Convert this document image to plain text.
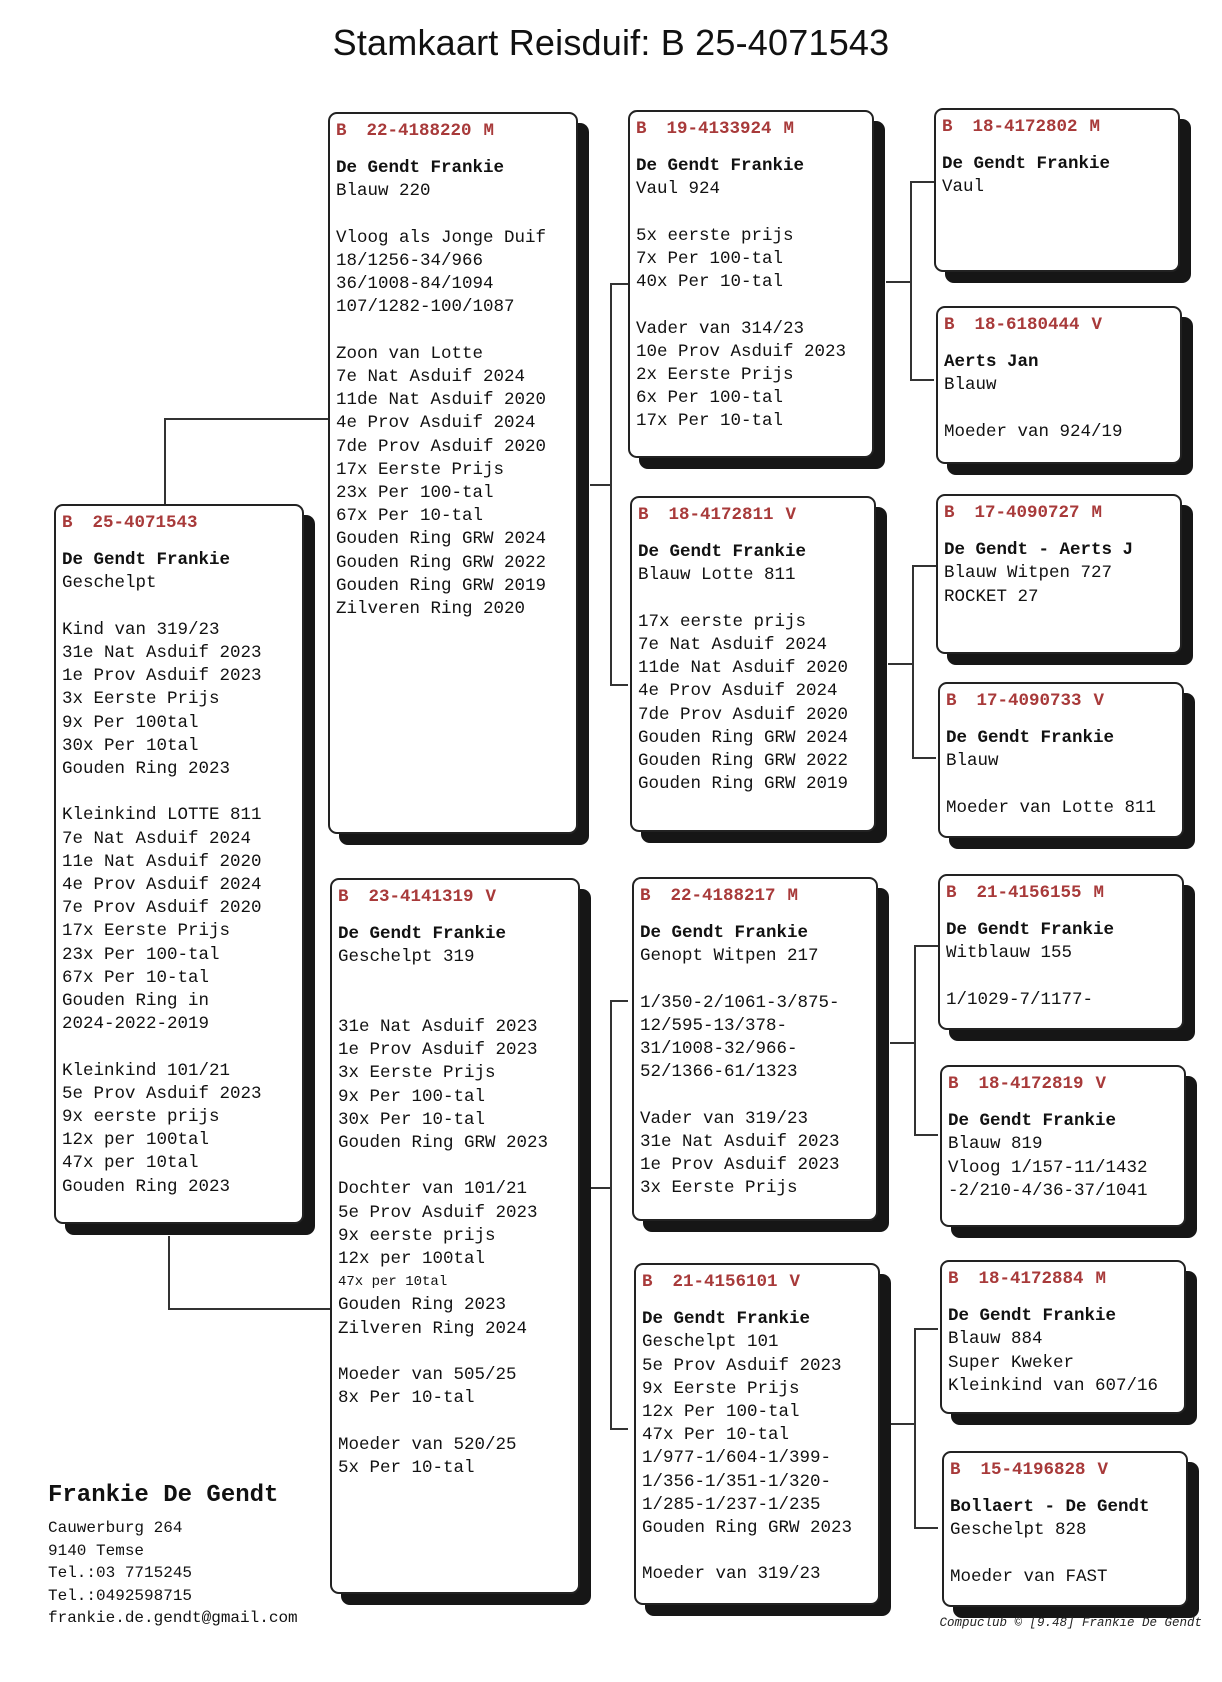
Stamkaart Reisduif: B 25-4071543
B 25-4071543
De Gendt Frankie
Geschelpt
Kind van 319/23
31e Nat Asduif 2023
1e Prov Asduif 2023
3x Eerste Prijs
9x Per 100tal
30x Per 10tal
Gouden Ring 2023
Kleinkind LOTTE 811
7e Nat Asduif 2024
11e Nat Asduif 2020
4e Prov Asduif 2024
7e Prov Asduif 2020
17x Eerste Prijs
23x Per 100-tal
67x Per 10-tal
Gouden Ring in
2024-2022-2019
Kleinkind 101/21
5e Prov Asduif 2023
9x eerste prijs
12x per 100tal
47x per 10tal
Gouden Ring 2023
B 22-4188220 M
De Gendt Frankie
Blauw 220
Vloog als Jonge Duif
18/1256-34/966
36/1008-84/1094
107/1282-100/1087
Zoon van Lotte
7e Nat Asduif 2024
11de Nat Asduif 2020
4e Prov Asduif 2024
7de Prov Asduif 2020
17x Eerste Prijs
23x Per 100-tal
67x Per 10-tal
Gouden Ring GRW 2024
Gouden Ring GRW 2022
Gouden Ring GRW 2019
Zilveren Ring 2020
B 23-4141319 V
De Gendt Frankie
Geschelpt 319
31e Nat Asduif 2023
1e Prov Asduif 2023
3x Eerste Prijs
9x Per 100-tal
30x Per 10-tal
Gouden Ring GRW 2023
Dochter van 101/21
5e Prov Asduif 2023
9x eerste prijs
12x per 100tal
47x per 10tal
Gouden Ring 2023
Zilveren Ring 2024
Moeder van 505/25
8x Per 10-tal
Moeder van 520/25
5x Per 10-tal
B 19-4133924 M
De Gendt Frankie
Vaul 924
5x eerste prijs
7x Per 100-tal
40x Per 10-tal
Vader van 314/23
10e Prov Asduif 2023
2x Eerste Prijs
6x Per 100-tal
17x Per 10-tal
B 18-4172811 V
De Gendt Frankie
Blauw Lotte 811
17x eerste prijs
7e Nat Asduif 2024
11de Nat Asduif 2020
4e Prov Asduif 2024
7de Prov Asduif 2020
Gouden Ring GRW 2024
Gouden Ring GRW 2022
Gouden Ring GRW 2019
B 22-4188217 M
De Gendt Frankie
Genopt Witpen 217
1/350-2/1061-3/875-
12/595-13/378-
31/1008-32/966-
52/1366-61/1323
Vader van 319/23
31e Nat Asduif 2023
1e Prov Asduif 2023
3x Eerste Prijs
B 21-4156101 V
De Gendt Frankie
Geschelpt 101
5e Prov Asduif 2023
9x Eerste Prijs
12x Per 100-tal
47x Per 10-tal
1/977-1/604-1/399-
1/356-1/351-1/320-
1/285-1/237-1/235
Gouden Ring GRW 2023
Moeder van 319/23
B 18-4172802 M
De Gendt Frankie
Vaul
B 18-6180444 V
Aerts Jan
Blauw
Moeder van 924/19
B 17-4090727 M
De Gendt - Aerts J
Blauw Witpen 727
ROCKET 27
B 17-4090733 V
De Gendt Frankie
Blauw
Moeder van Lotte 811
B 21-4156155 M
De Gendt Frankie
Witblauw 155
1/1029-7/1177-
B 18-4172819 V
De Gendt Frankie
Blauw 819
Vloog 1/157-11/1432
-2/210-4/36-37/1041
B 18-4172884 M
De Gendt Frankie
Blauw 884
Super Kweker
Kleinkind van 607/16
B 15-4196828 V
Bollaert - De Gendt
Geschelpt 828
Moeder van FAST
Frankie De Gendt
Cauwerburg 264
9140 Temse
Tel.:03 7715245
Tel.:0492598715
frankie.de.gendt@gmail.com	Compuclub © [9.48] Frankie De Gendt
